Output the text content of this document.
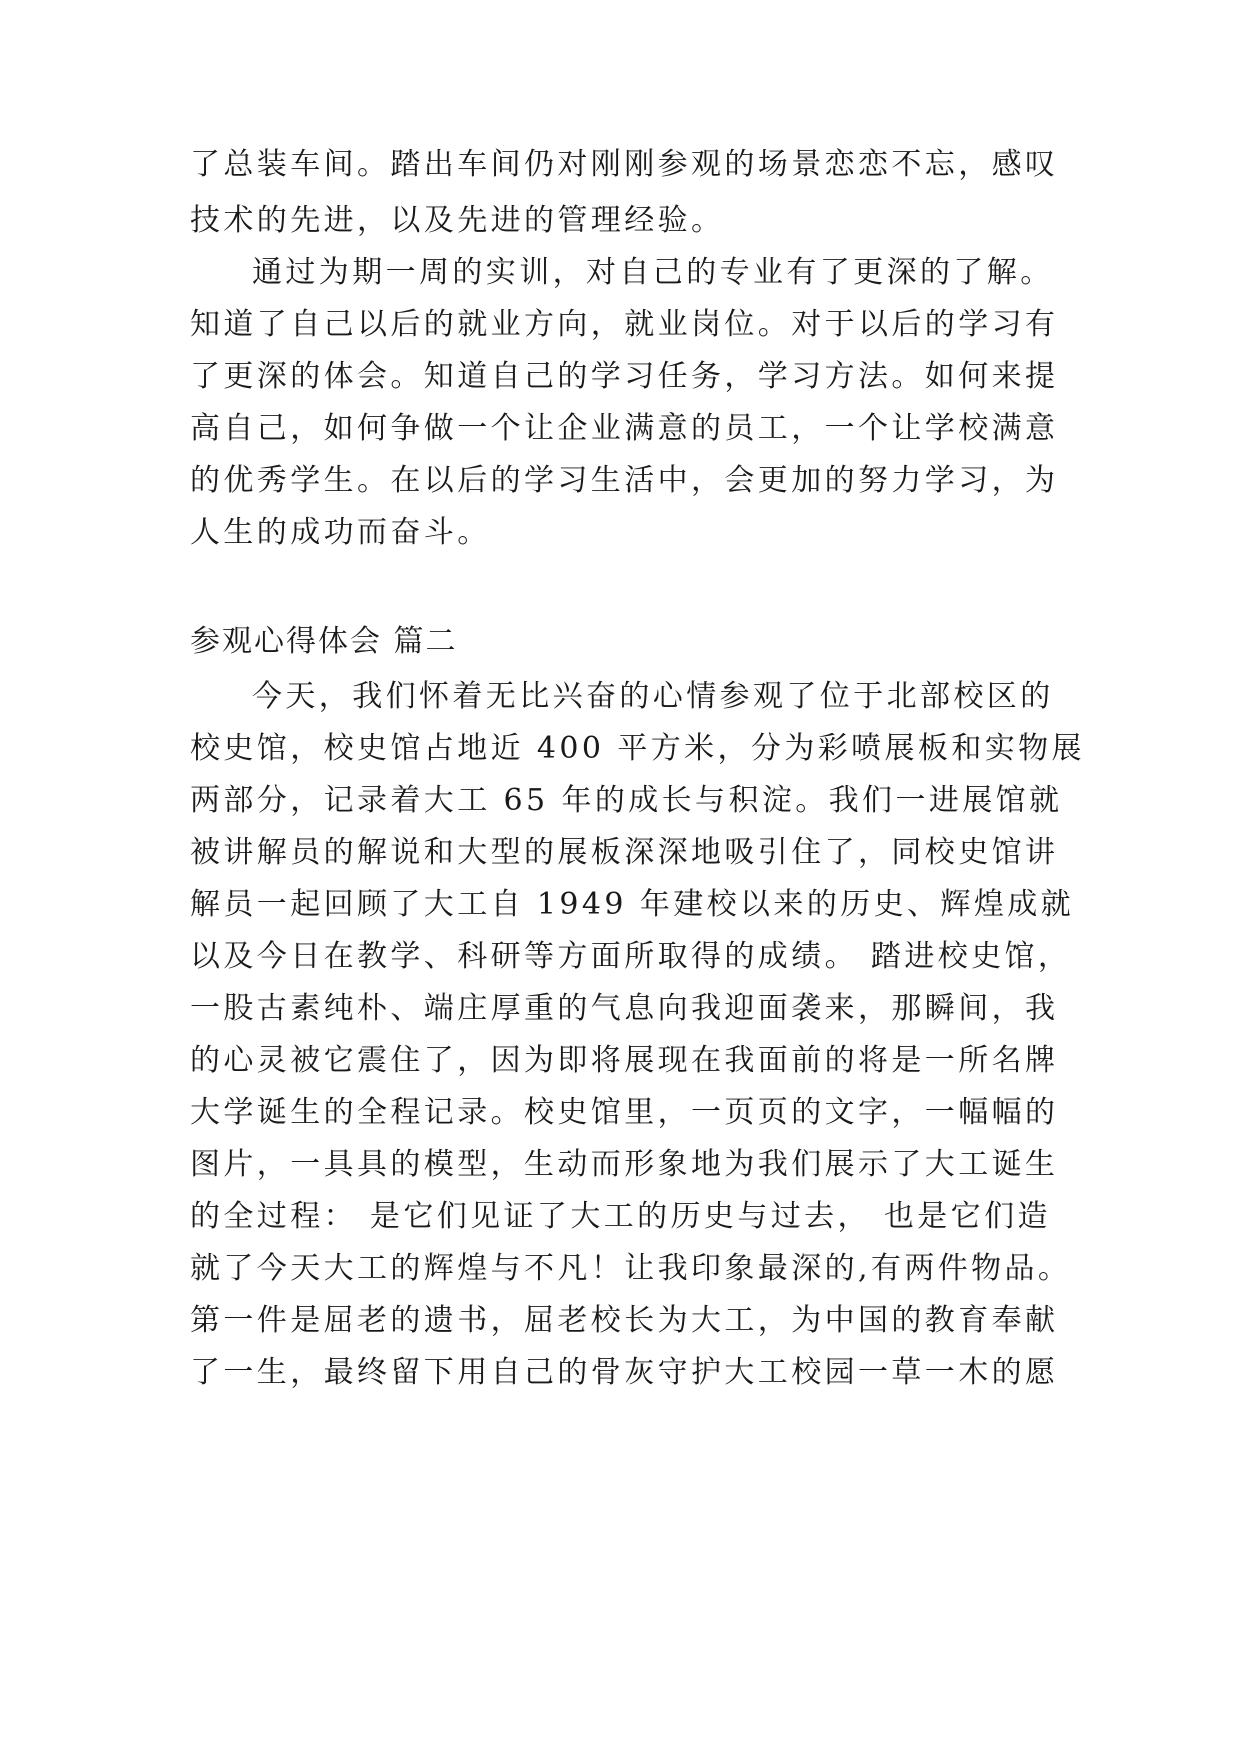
了总装车间。踏出车间仍对刚刚参观的场景恋恋不忘，感叹
技术的先进，以及先进的管理经验。
通过为期一周的实训，对自己的专业有了更深的了解。
知道了自己以后的就业方向，就业岗位。对于以后的学习有
了更深的体会。知道自己的学习任务，学习方法。如何来提
高自己，如何争做一个让企业满意的员工，一个让学校满意
的优秀学生。在以后的学习生活中，会更加的努力学习，为
人生的成功而奋斗。
参观心得体会 篇二
今天，我们怀着无比兴奋的心情参观了位于北部校区的
校史馆，校史馆占地近 400 平方米，分为彩喷展板和实物展
两部分，记录着大工 65 年的成长与积淀。我们一进展馆就
被讲解员的解说和大型的展板深深地吸引住了，同校史馆讲
解员一起回顾了大工自 1949 年建校以来的历史、辉煌成就
以及今日在教学、科研等方面所取得的成绩。 踏进校史馆，
一股古素纯朴、端庄厚重的气息向我迎面袭来，那瞬间，我
的心灵被它震住了，因为即将展现在我面前的将是一所名牌
大学诞生的全程记录。校史馆里，一页页的文字，一幅幅的
图片，一具具的模型，生动而形象地为我们展示了大工诞生
的全过程： 是它们见证了大工的历史与过去， 也是它们造
就了今天大工的辉煌与不凡！让我印象最深的,有两件物品。
第一件是屈老的遗书，屈老校长为大工，为中国的教育奉献
了一生，最终留下用自己的骨灰守护大工校园一草一木的愿
